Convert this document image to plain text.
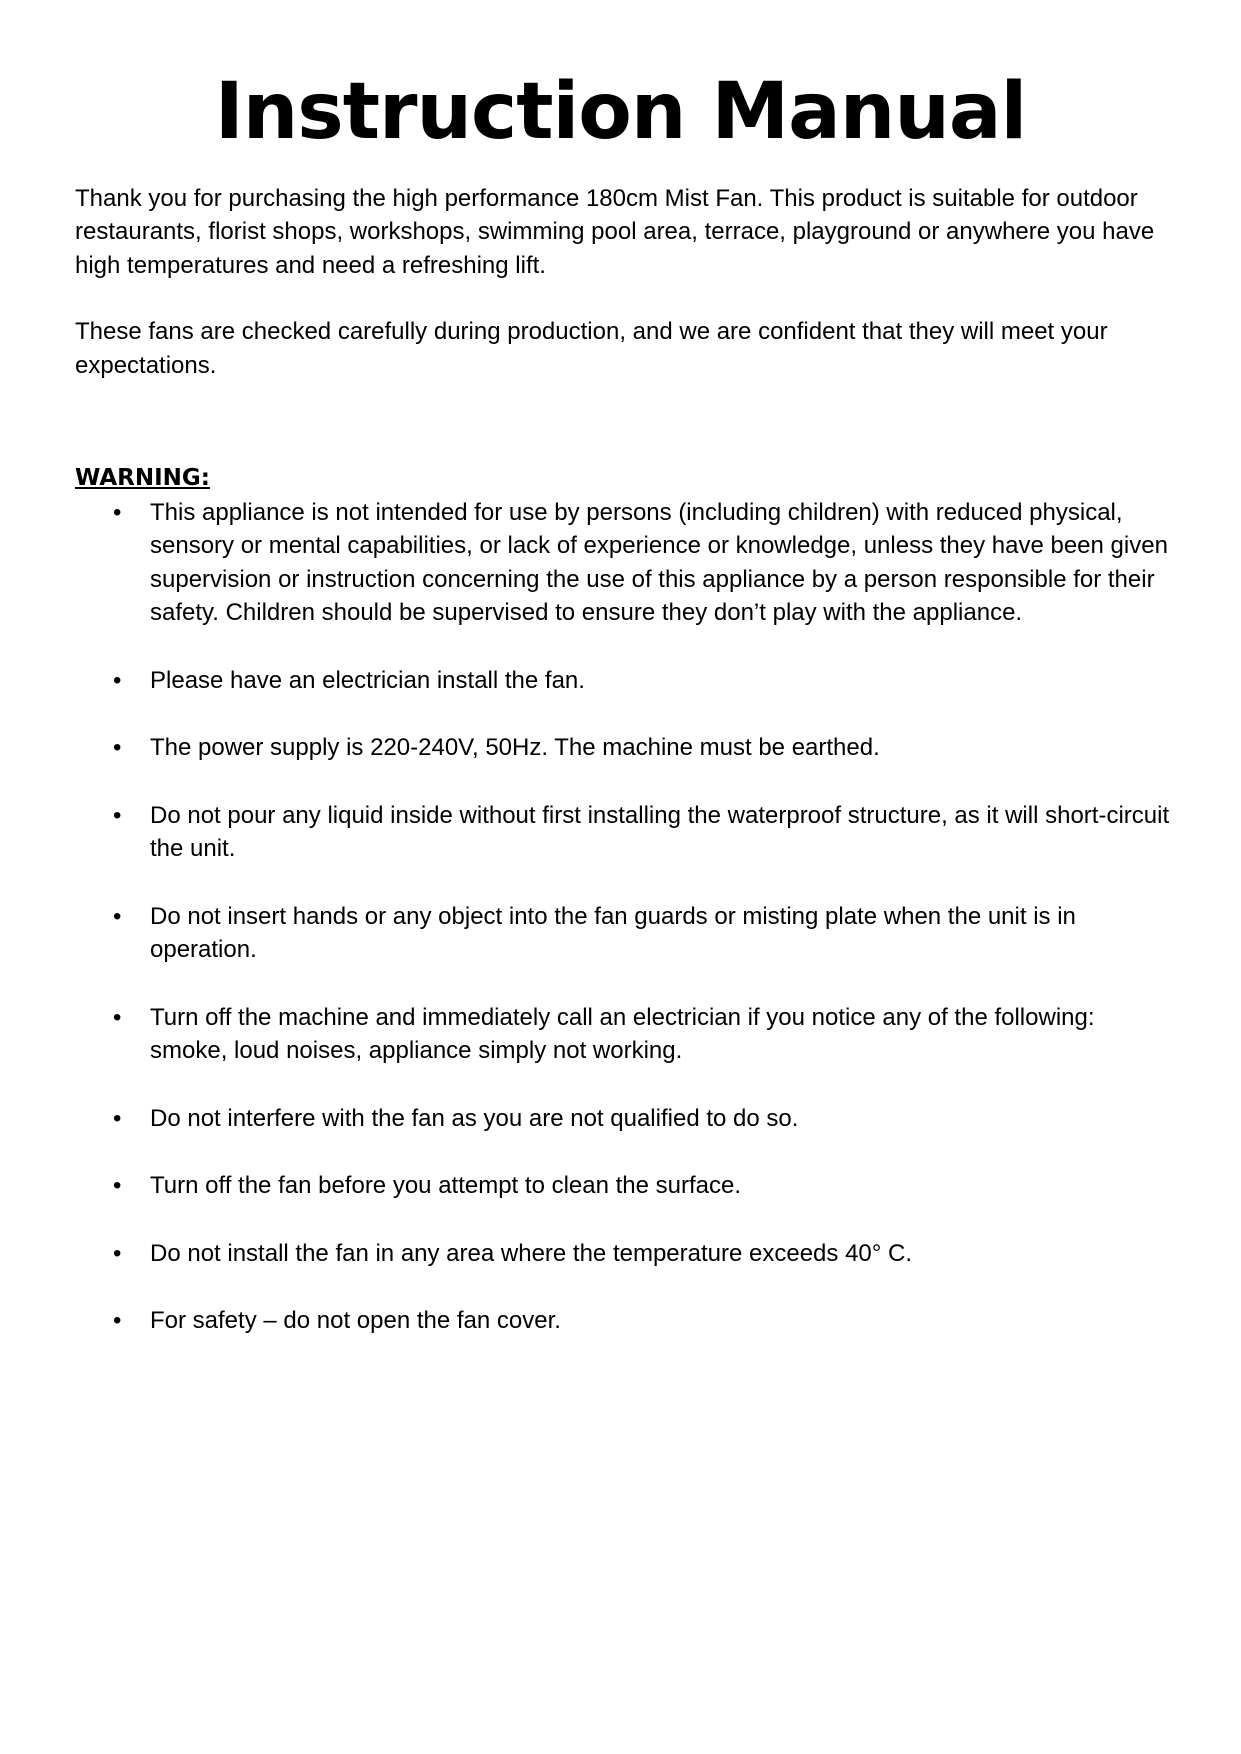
Instruction Manual

Thank you for purchasing the high performance 180cm Mist Fan. This product is suitable for outdoor restaurants, florist shops, workshops, swimming pool area, terrace, playground or anywhere you have high temperatures and need a refreshing lift.

These fans are checked carefully during production, and we are confident that they will meet your expectations.

WARNING:
• This appliance is not intended for use by persons (including children) with reduced physical, sensory or mental capabilities, or lack of experience or knowledge, unless they have been given supervision or instruction concerning the use of this appliance by a person responsible for their safety. Children should be supervised to ensure they don’t play with the appliance.
• Please have an electrician install the fan.
• The power supply is 220-240V, 50Hz. The machine must be earthed.
• Do not pour any liquid inside without first installing the waterproof structure, as it will short-circuit the unit.
• Do not insert hands or any object into the fan guards or misting plate when the unit is in operation.
• Turn off the machine and immediately call an electrician if you notice any of the following: smoke, loud noises, appliance simply not working.
• Do not interfere with the fan as you are not qualified to do so.
• Turn off the fan before you attempt to clean the surface.
• Do not install the fan in any area where the temperature exceeds 40° C.
• For safety – do not open the fan cover.
